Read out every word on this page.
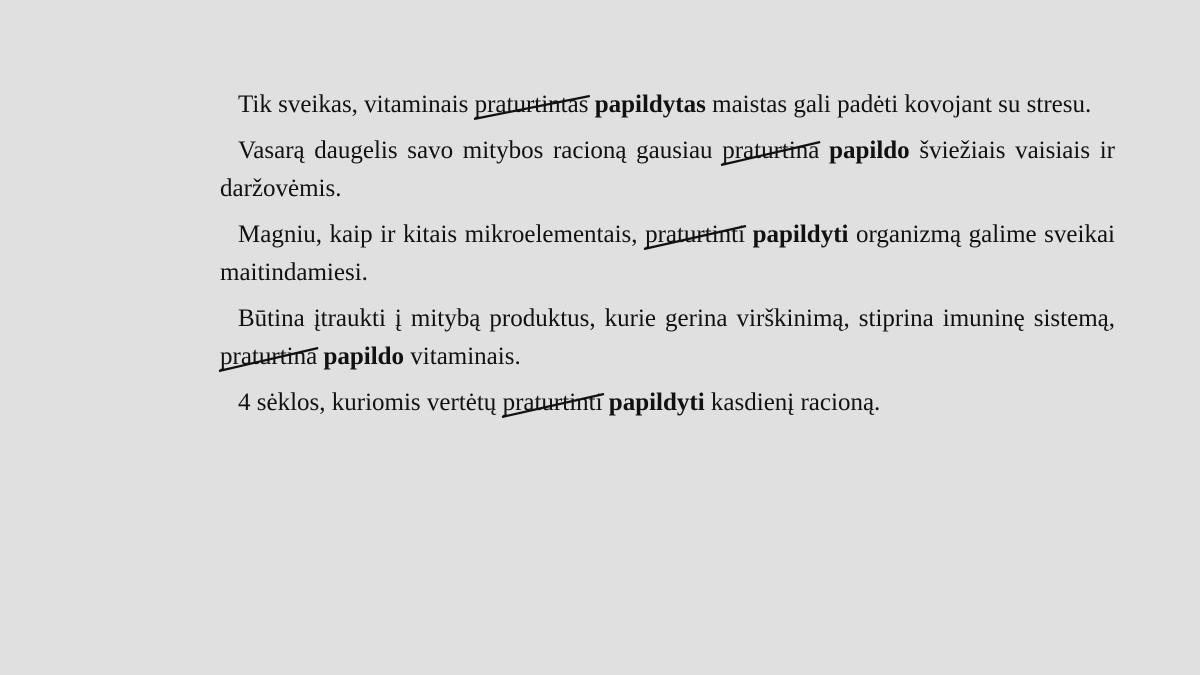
Tik sveikas, vitaminais praturtintas papildytas maistas gali padėti kovojant su stresu.

Vasarą daugelis savo mitybos racioną gausiau praturtina papildo šviežiais vaisiais ir daržovėmis.

Magniu, kaip ir kitais mikroelementais, praturtinti papildyti organizmą galime sveikai maitindamiesi.

Būtina įtraukti į mitybą produktus, kurie gerina virškinimą, stiprina imuninę sistemą, praturtina papildo vitaminais.

4 sėklos, kuriomis vertėtų praturtinti papildyti kasdienį racioną.
